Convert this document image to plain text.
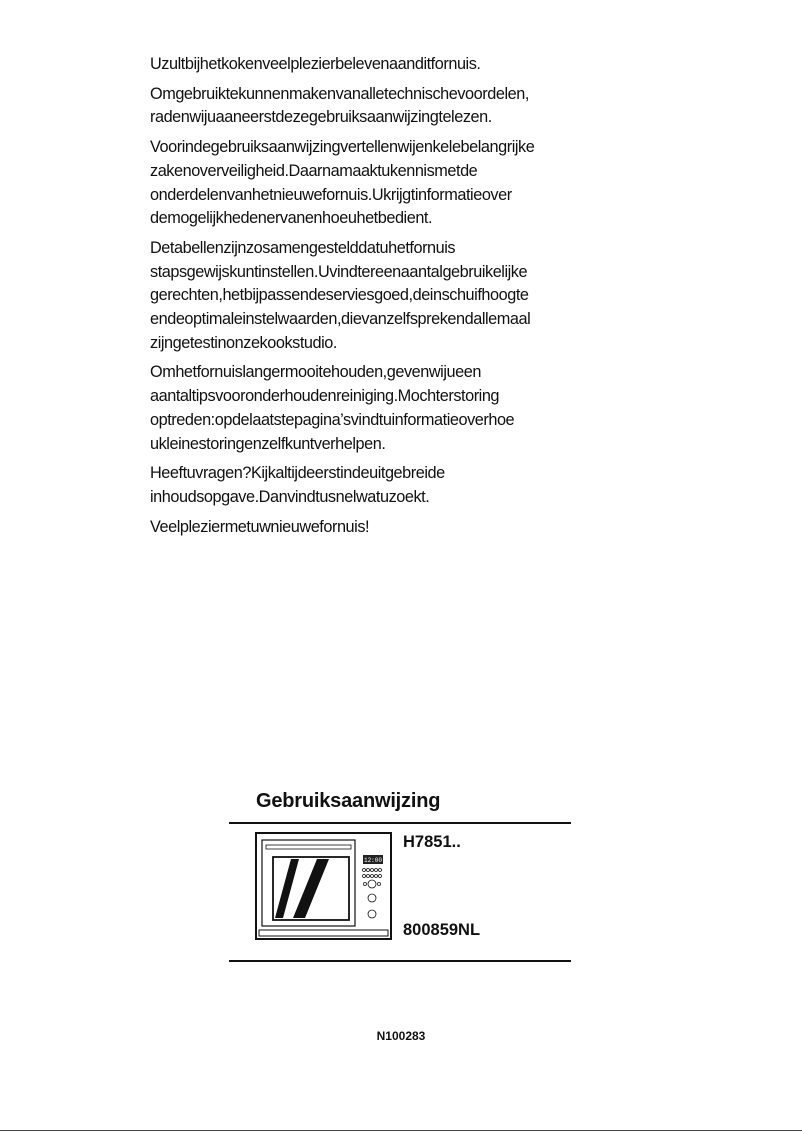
Uzultbijhetkokenveelplezierbelevenaanditfornuis.

Omgebruiktekunnenmakenvanalletechnischevoordelen, radenwijuaaneerstdezegebruiksaanwijzingtelezen.

Voorindegebruiksaanwijzingvertellenwijenkelebelangrijke zakenoverveiligheid.Daarnamaaktukennismetde onderdelenvanhetnieuwefornuis.Ukrijgtinformatieover demogelijkhedenervanenhoeuhetbedient.

Detabellenzijnzosamengesteldd​atuhetfornuis stapsgewijskuntinstellen.Uvindtereenaantalgebruikelijke gerechten,hetbijpassendeserviesgoed,deinschuifhoogte endeoptimaleinstelwaarden,dievanzelfsprekendallemaal zijngetestinonzekookstudio.

Omhetfornuislangermooitehouden,gevenwijueen aantaltipsvooronderhoudenreiniging.Mochterstoring optreden:opdelaatstepagina’svindtuinformatieoverhoe ukleinestoringenzelfkuntverhelpen.

Heeftuvragen?Kijkaltijdeerstindeuitgebreide inhoudsopgave.Danvindtusnelwatuzoekt.

Veelpleziermetuwnieuwefornuis!

Gebruiksaanwijzing
12:00
H7851..
800859NL
N100283
